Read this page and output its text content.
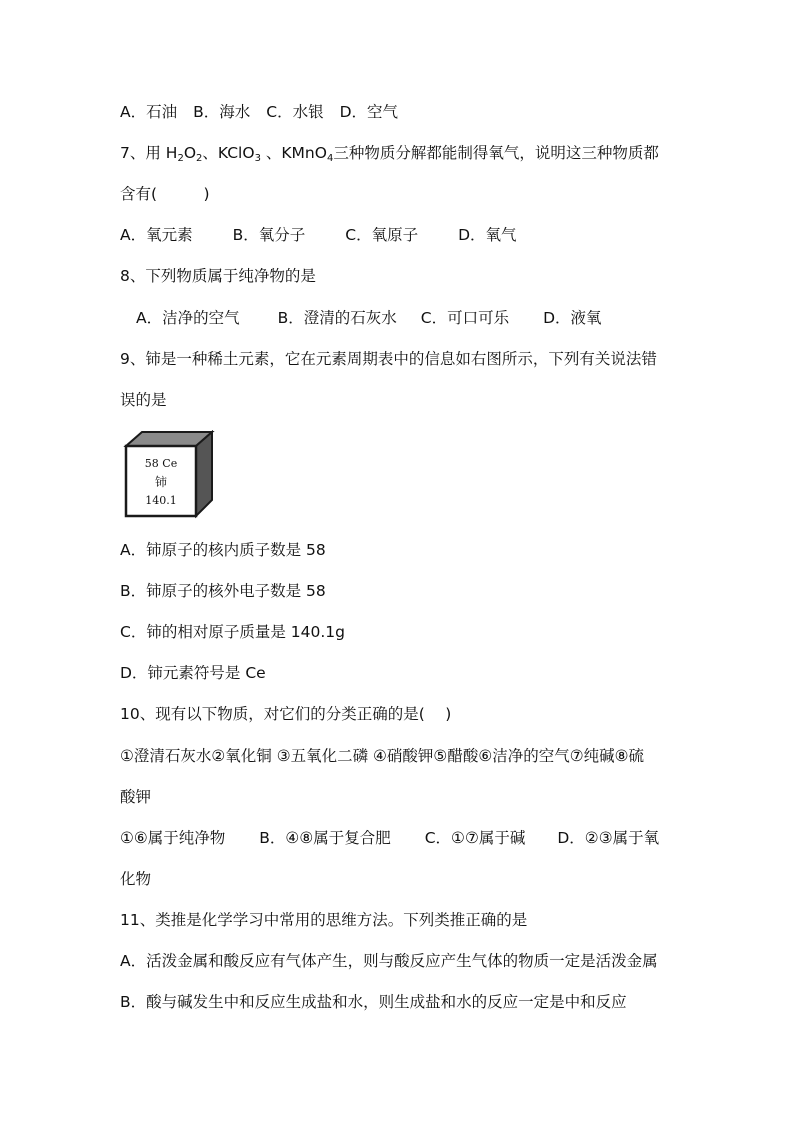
A．石油 B．海水 C．水银 D．空气
7、用 $H_2O_2$、KClO$_3$ 、KMnO$_4$三种物质分解都能制得氧气，说明这三种物质都
含有(　　　)
A．氧元素	B．氧分子	C．氧原子	D．氧气
8、下列物质属于纯净物的是
A．洁净的空气 B．澄清的石灰水 C．可口可乐 D．液氧
9、铈是一种稀土元素，它在元素周期表中的信息如右图所示，下列有关说法错
误的是
58 Ce
铈
140.1
A．铈原子的核内质子数是 58
B．铈原子的核外电子数是 58
C．铈的相对原子质量是 140.1g
D．铈元素符号是 Ce
10、现有以下物质，对它们的分类正确的是(　 )
①澄清石灰水②氧化铜 ③五氧化二磷 ④硝酸钾⑤醋酸⑥洁净的空气⑦纯碱⑧硫
酸钾
①⑥属于纯净物 B．④⑧属于复合肥 C．①⑦属于碱 D．②③属于氧
化物
11、类推是化学学习中常用的思维方法。下列类推正确的是
A．活泼金属和酸反应有气体产生，则与酸反应产生气体的物质一定是活泼金属
B．酸与碱发生中和反应生成盐和水，则生成盐和水的反应一定是中和反应
